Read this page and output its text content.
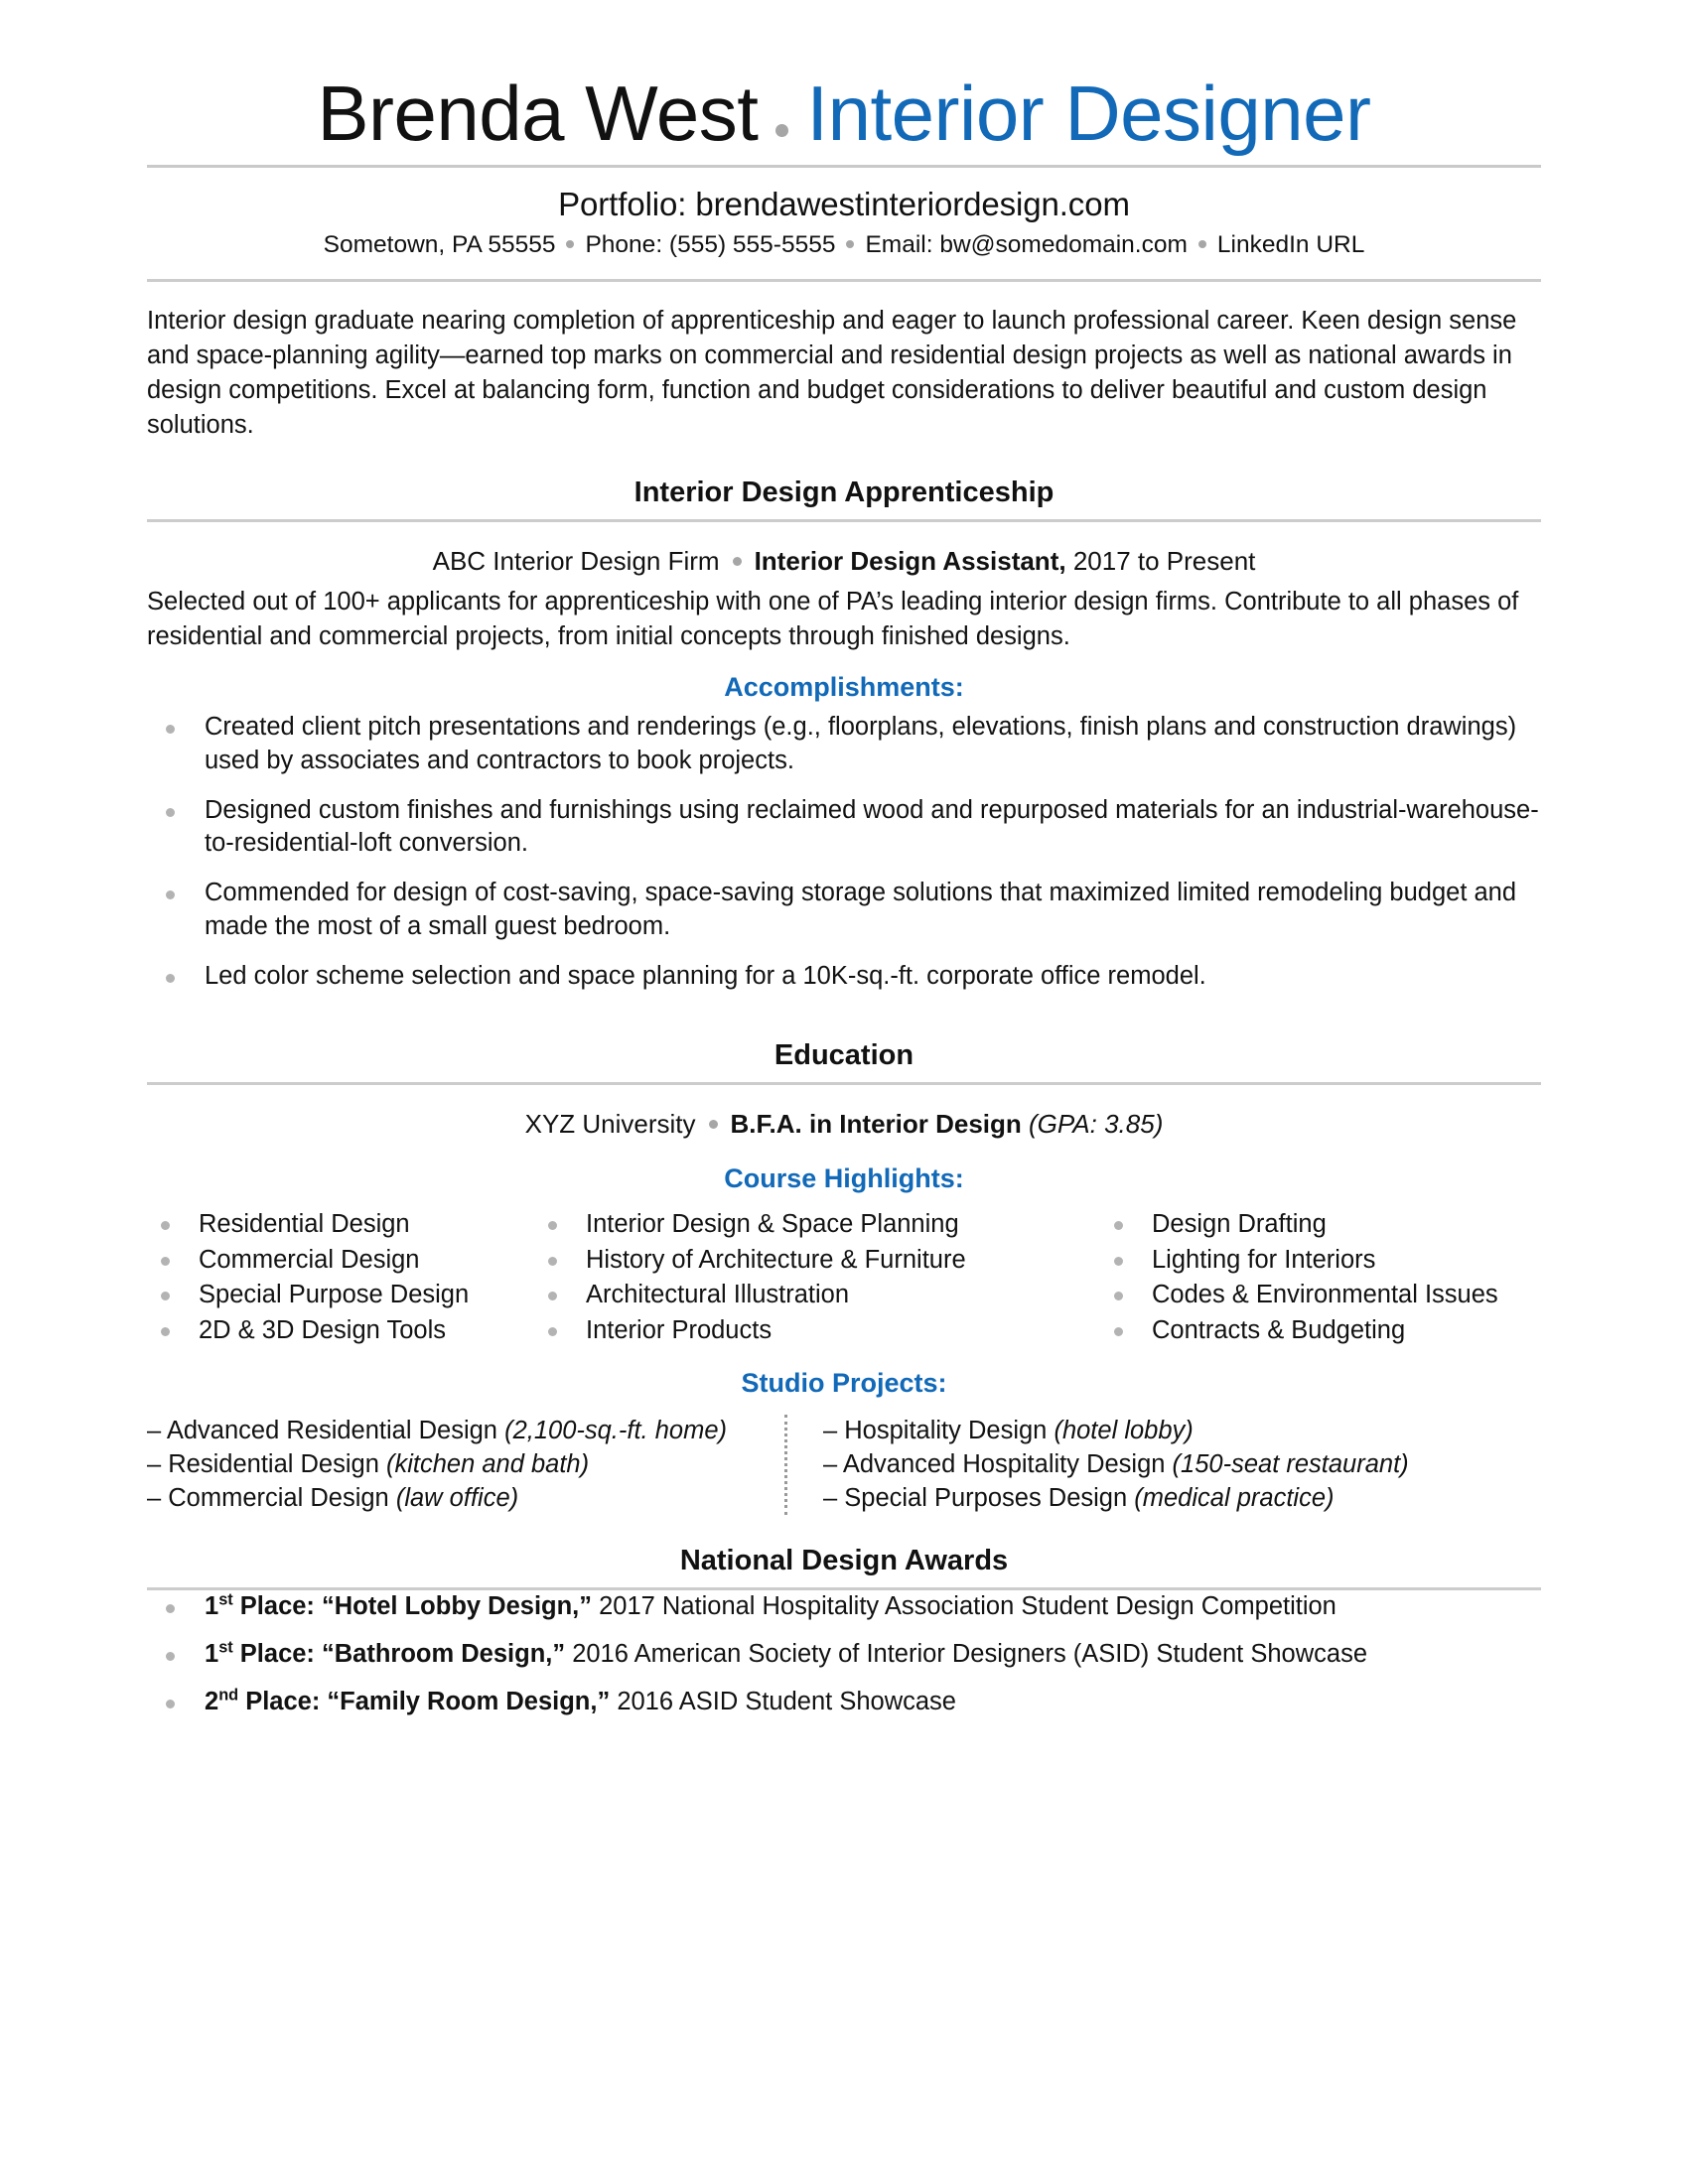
Brenda West Interior Designer
Portfolio: brendawestinteriordesign.com
Sometown, PA 55555 Phone: (555) 555-5555 Email: bw@somedomain.com LinkedIn URL
Interior design graduate nearing completion of apprenticeship and eager to launch professional career. Keen design sense and space-planning agility—earned top marks on commercial and residential design projects as well as national awards in design competitions. Excel at balancing form, function and budget considerations to deliver beautiful and custom design solutions.
Interior Design Apprenticeship
ABC Interior Design Firm Interior Design Assistant, 2017 to Present
Selected out of 100+ applicants for apprenticeship with one of PA’s leading interior design firms. Contribute to all phases of residential and commercial projects, from initial concepts through finished designs.
Accomplishments:
Created client pitch presentations and renderings (e.g., floorplans, elevations, finish plans and construction drawings) used by associates and contractors to book projects.
Designed custom finishes and furnishings using reclaimed wood and repurposed materials for an industrial-warehouse-to-residential-loft conversion.
Commended for design of cost-saving, space-saving storage solutions that maximized limited remodeling budget and made the most of a small guest bedroom.
Led color scheme selection and space planning for a 10K-sq.-ft. corporate office remodel.
Education
XYZ University B.F.A. in Interior Design (GPA: 3.85)
Course Highlights:
Residential Design
Commercial Design
Special Purpose Design
2D & 3D Design Tools
Interior Design & Space Planning
History of Architecture & Furniture
Architectural Illustration
Interior Products
Design Drafting
Lighting for Interiors
Codes & Environmental Issues
Contracts & Budgeting
Studio Projects:
– Advanced Residential Design (2,100-sq.-ft. home)
– Residential Design (kitchen and bath)
– Commercial Design (law office)
– Hospitality Design (hotel lobby)
– Advanced Hospitality Design (150-seat restaurant)
– Special Purposes Design (medical practice)
National Design Awards
1st Place: “Hotel Lobby Design,” 2017 National Hospitality Association Student Design Competition
1st Place: “Bathroom Design,” 2016 American Society of Interior Designers (ASID) Student Showcase
2nd Place: “Family Room Design,” 2016 ASID Student Showcase
